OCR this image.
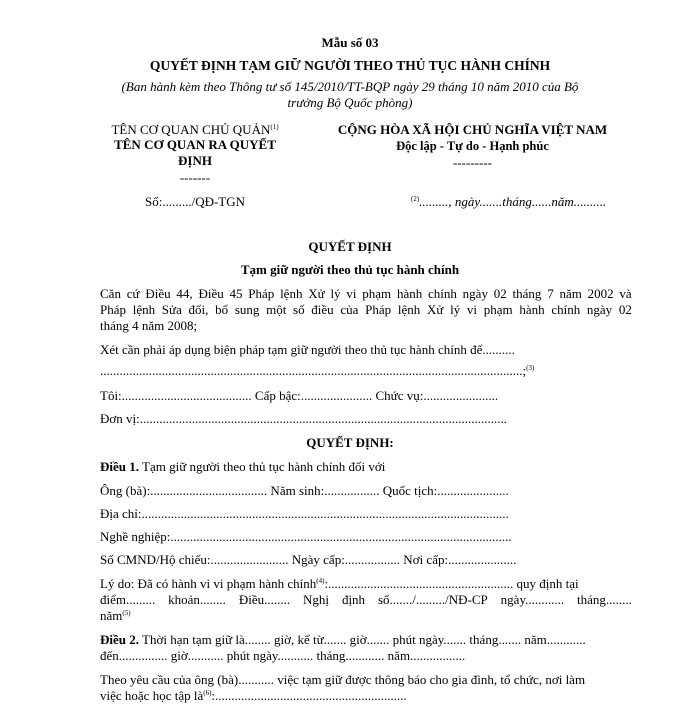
Mẫu số 03
QUYẾT ĐỊNH TẠM GIỮ NGƯỜI THEO THỦ TỤC HÀNH CHÍNH
(Ban hành kèm theo Thông tư số 145/2010/TT-BQP ngày 29 tháng 10 năm 2010 của Bộ
trưởng Bộ Quốc phòng)
TÊN CƠ QUAN CHỦ QUẢN$^{(1)}$
TÊN CƠ QUAN RA QUYẾT
ĐỊNH
-------
Số:........./QĐ-TGN
CỘNG HÒA XÃ HỘI CHỦ NGHĨA VIỆT NAM
Độc lập - Tự do - Hạnh phúc
---------
$^{(2)}$........., ngày.......tháng......năm..........
QUYẾT ĐỊNH
Tạm giữ người theo thủ tục hành chính
Căn cứ Điều 44, Điều 45 Pháp lệnh Xử lý vi phạm hành chính ngày 02 tháng 7 năm 2002 và
Pháp lệnh Sửa đổi, bổ sung một số điều của Pháp lệnh Xử lý vi phạm hành chính ngày 02
tháng 4 năm 2008;
Xét cần phải áp dụng biện pháp tạm giữ người theo thủ tục hành chính để..........
..................................................................................................................................;$^{(3)}$
Tôi:........................................ Cấp bậc:...................... Chức vụ:.......................
Đơn vị:.................................................................................................................
QUYẾT ĐỊNH:
Điều 1. Tạm giữ người theo thủ tục hành chính đối với
Ông (bà):.................................... Năm sinh:................. Quốc tịch:......................
Địa chỉ:.................................................................................................................
Nghề nghiệp:.........................................................................................................
Số CMND/Hộ chiếu:........................ Ngày cấp:................. Nơi cấp:.....................
Lý do: Đã có hành vi vi phạm hành chính$^{(4)}$:......................................................... quy định tại
điểm......... khoản........ Điều........ Nghị định số......./........./NĐ-CP ngày............ tháng........
năm$^{(5)}$
Điều 2. Thời hạn tạm giữ là........ giờ, kể từ....... giờ....... phút ngày....... tháng....... năm............
đến............... giờ........... phút ngày........... tháng............ năm.................
Theo yêu cầu của ông (bà)........... việc tạm giữ được thông báo cho gia đình, tổ chức, nơi làm
việc hoặc học tập $là^{(6)}$:...........................................................
